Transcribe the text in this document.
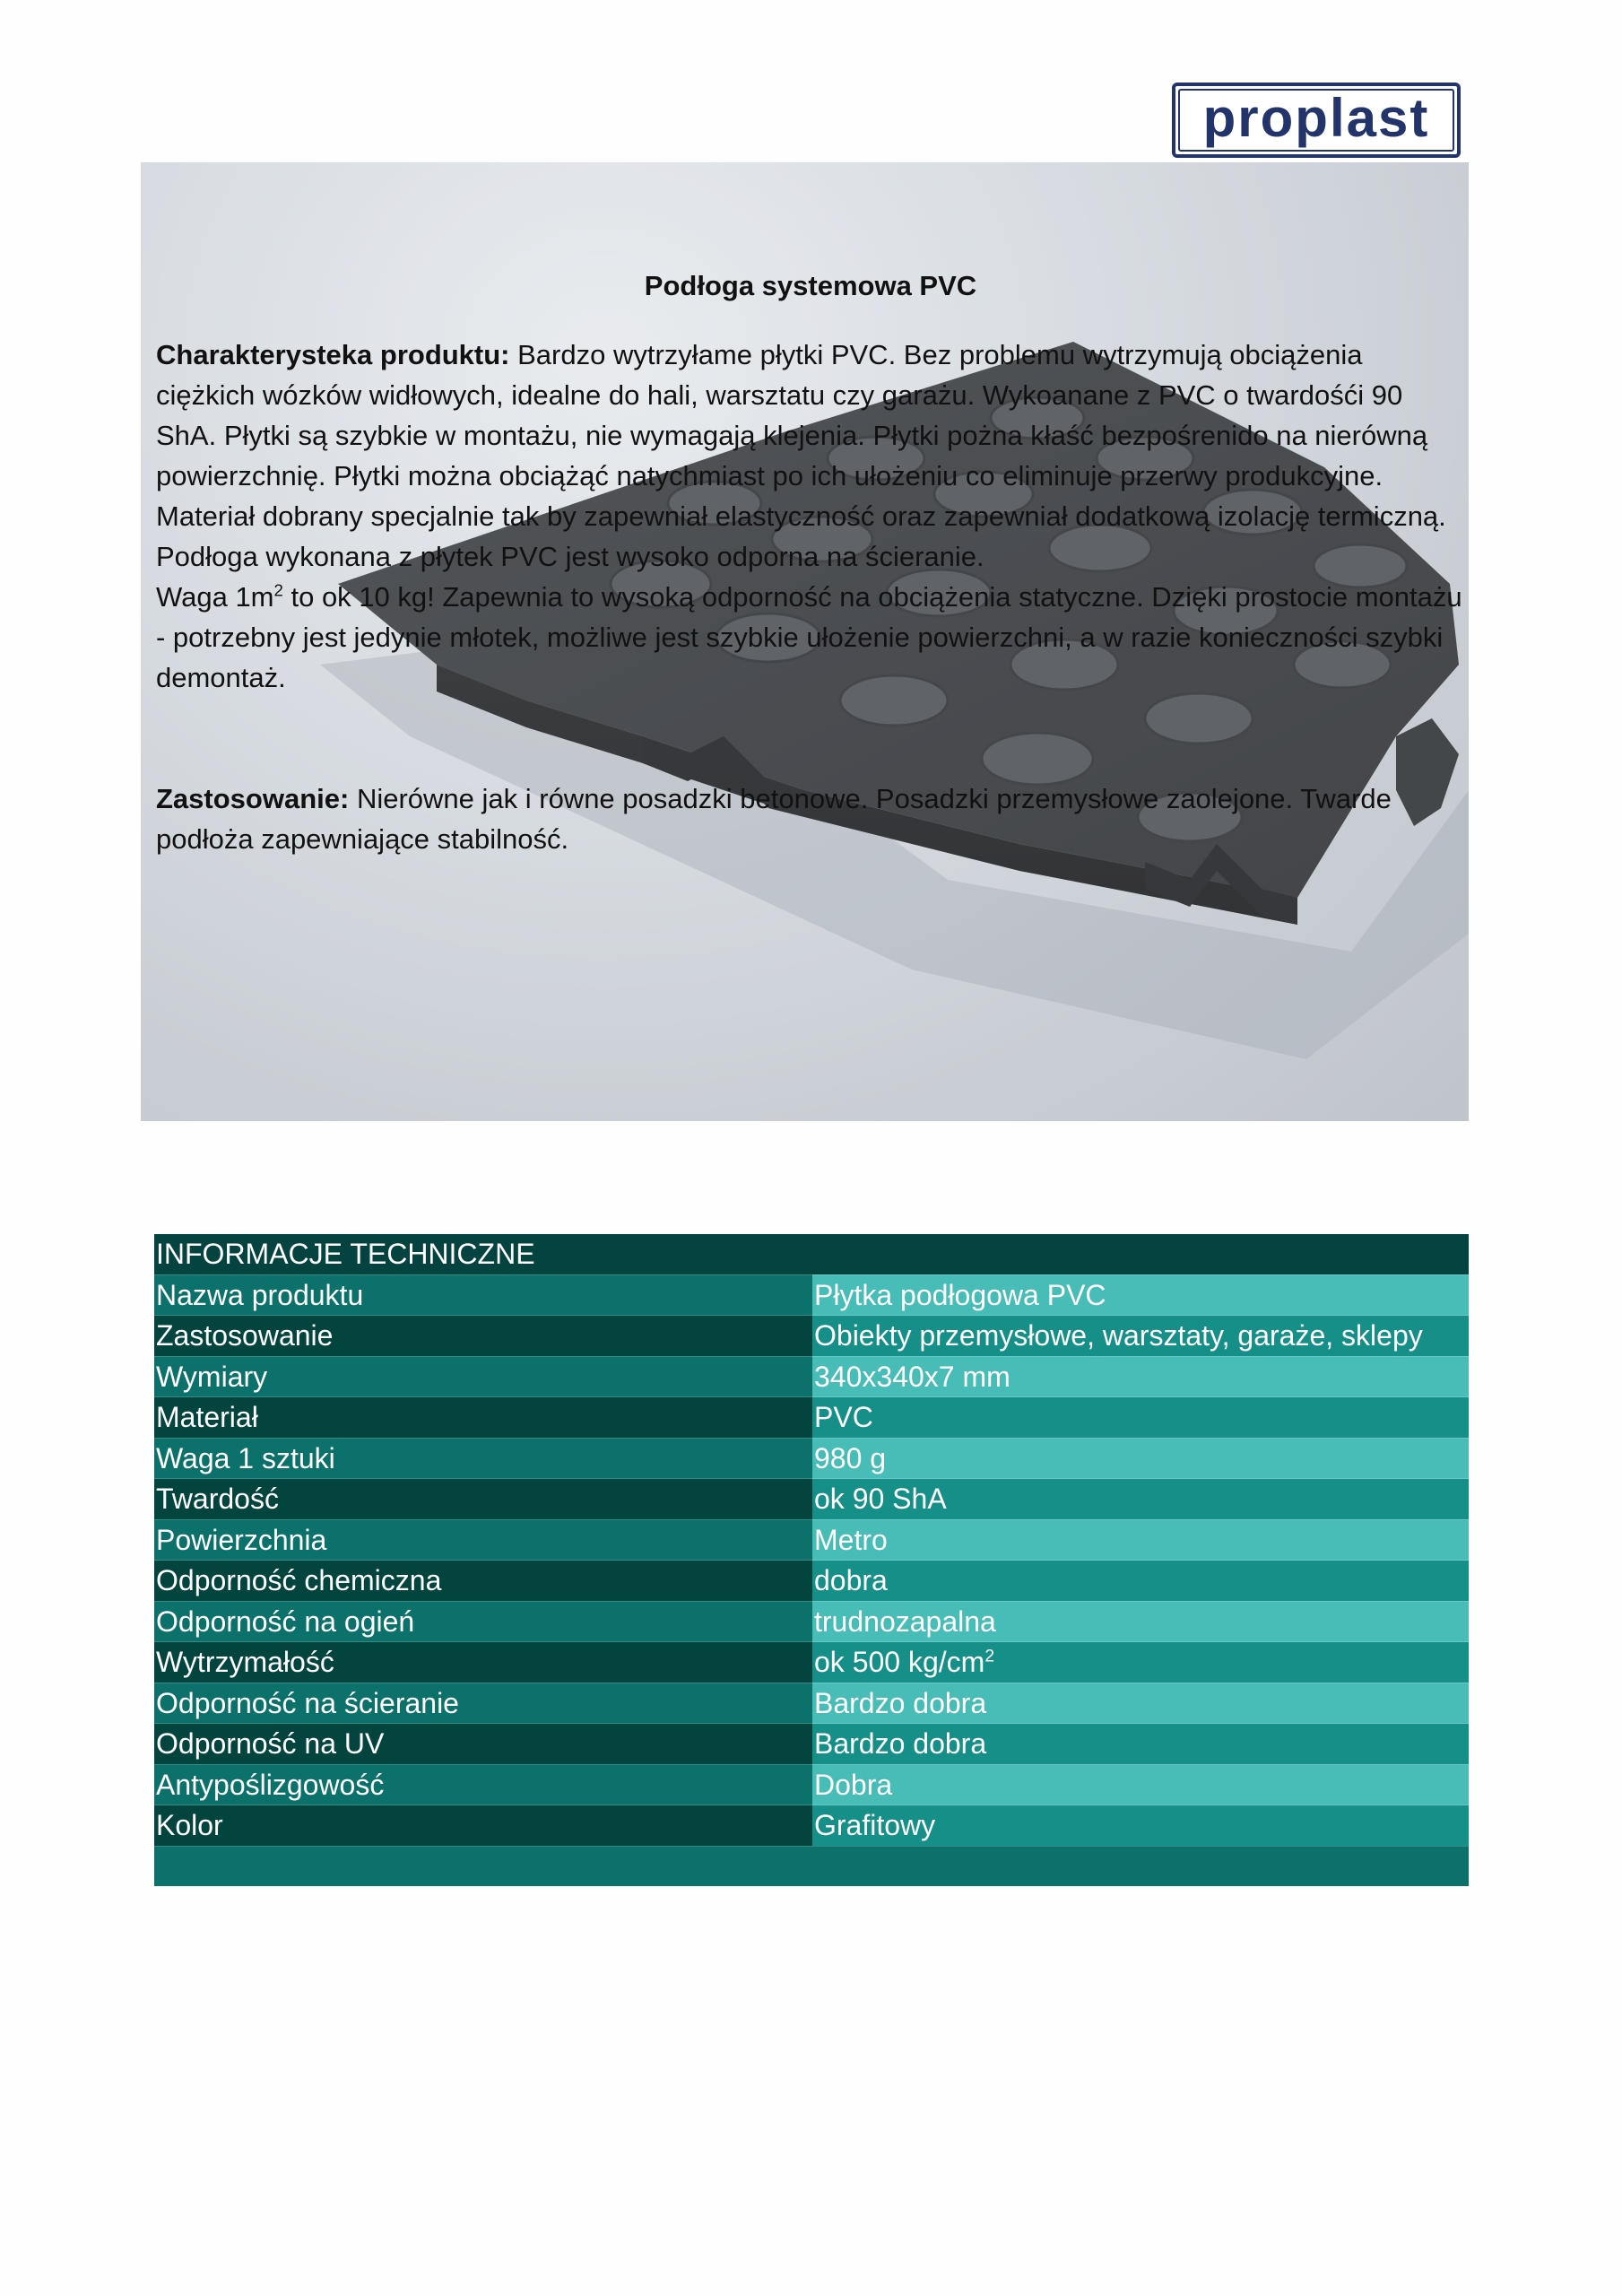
proplast

Podłoga systemowa PVC

Charakterysteka produktu: Bardzo wytrzyłame płytki PVC. Bez problemu wytrzymują obciążenia ciężkich wózków widłowych, idealne do hali, warsztatu czy garażu. Wykoanane z PVC o twardośći 90 ShA. Płytki są szybkie w montażu, nie wymagają klejenia. Płytki pożna kłaść bezpośrenido na nierówną powierzchnię. Płytki można obciążąć natychmiast po ich ułożeniu co eliminuje przerwy produkcyjne. Materiał dobrany specjalnie tak by zapewniał elastyczność oraz zapewniał dodatkową izolację termiczną. Podłoga wykonana z płytek PVC jest wysoko odporna na ścieranie.
Waga $1m^2$ to ok 10 kg! Zapewnia to wysoką odporność na obciążenia statyczne. Dzięki prostocie montażu - potrzebny jest jedynie młotek, możliwe jest szybkie ułożenie powierzchni, a w razie konieczności szybki demontaż.

Zastosowanie: Nierówne jak i równe posadzki betonowe. Posadzki przemysłowe zaolejone. Twarde podłoża zapewniające stabilność.

INFORMACJE TECHNICZNE	
Nazwa produktu	Płytka podłogowa PVC
Zastosowanie	Obiekty przemysłowe, warsztaty, garaże, sklepy
Wymiary	340x340x7 mm
Materiał	PVC
Waga 1 sztuki	980 g
Twardość	ok 90 ShA
Powierzchnia	Metro
Odporność chemiczna	dobra
Odporność na ogień	trudnozapalna
Wytrzymałość	ok 500 $kg/cm^2$
Odporność na ścieranie	Bardzo dobra
Odporność na UV	Bardzo dobra
Antypoślizgowość	Dobra
Kolor	Grafitowy
